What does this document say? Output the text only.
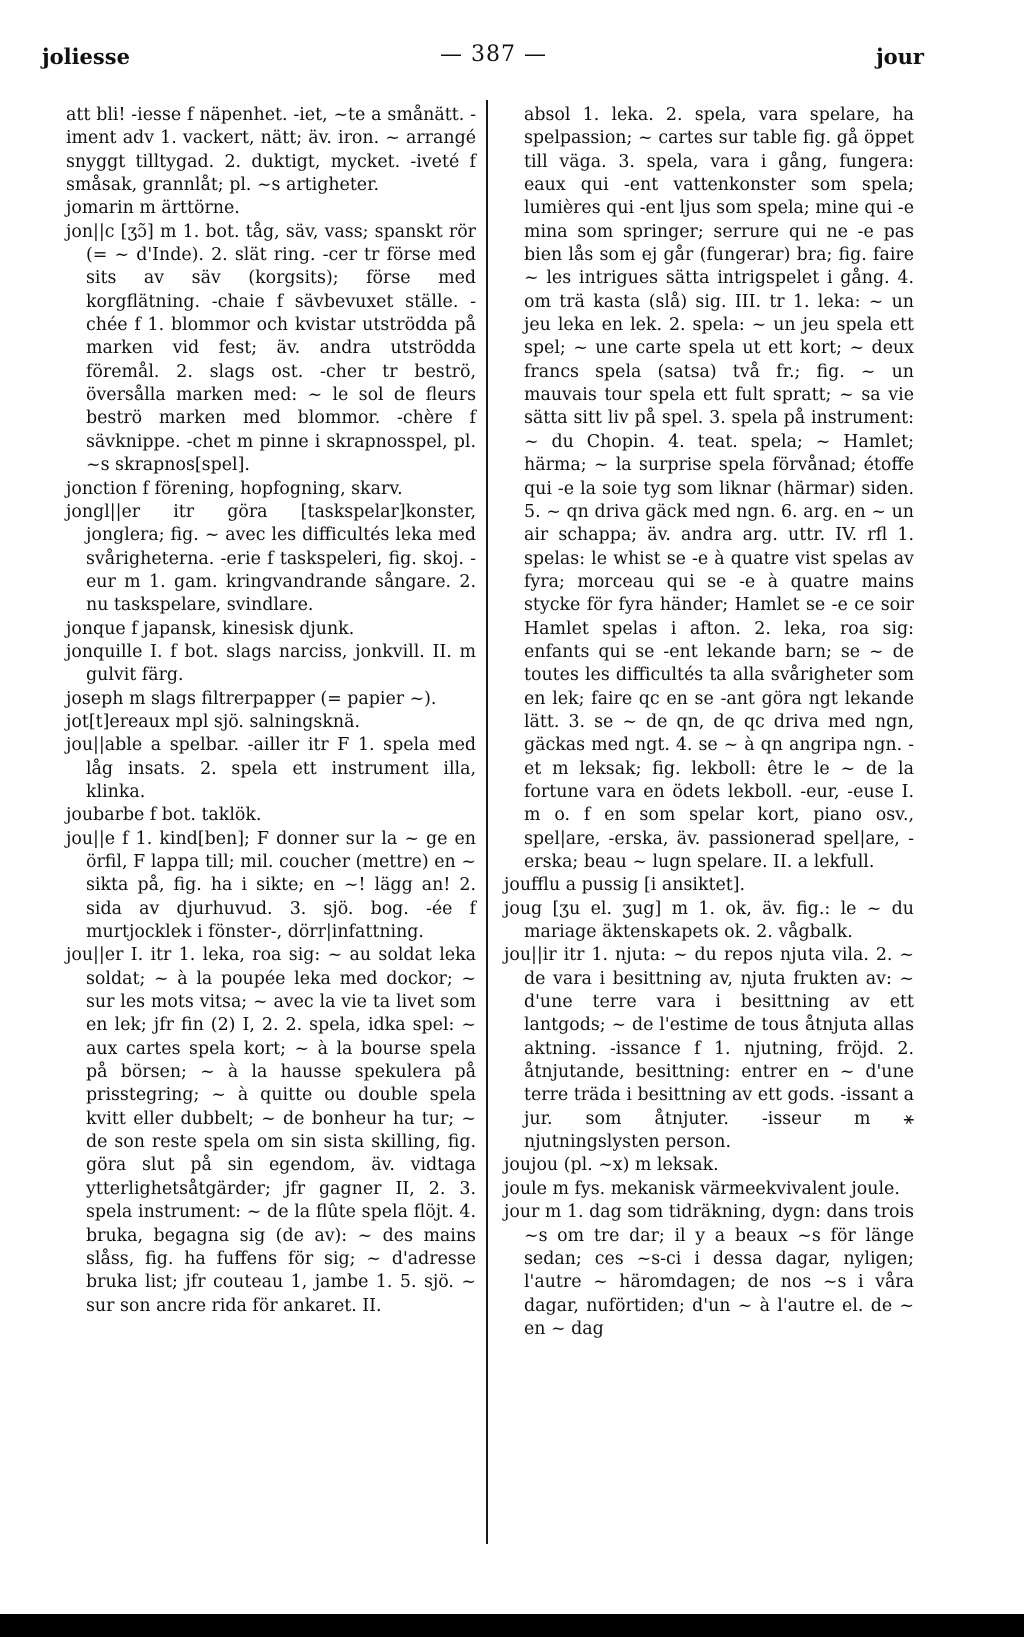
joliesse	— 387 —	jour

att bli! -iesse f näpenhet. -iet, ~te a smånätt. -iment adv 1. vackert, nätt; äv. iron. ~ arrangé snyggt tilltygad. 2. duktigt, mycket. -iveté f småsak, grannlåt; pl. ~s artigheter.

jomarin m ärttörne.

jon||c [ʒɔ̃] m 1. bot. tåg, säv, vass; spanskt rör (= ~ d'Inde). 2. slät ring. -cer tr förse med sits av säv (korgsits); förse med korgflätning. -chaie f sävbevuxet ställe. -chée f 1. blommor och kvistar utströdda på marken vid fest; äv. andra utströdda föremål. 2. slags ost. -cher tr beströ, översålla marken med: ~ le sol de fleurs beströ marken med blommor. -chère f sävknippe. -chet m pinne i skrapnosspel, pl. ~s skrapnos[spel].

jonction f förening, hopfogning, skarv.

jongl||er itr göra [taskspelar]konster, jonglera; fig. ~ avec les difficultés leka med svårigheterna. -erie f taskspeleri, fig. skoj. -eur m 1. gam. kringvandrande sångare. 2. nu taskspelare, svindlare.

jonque f japansk, kinesisk djunk.

jonquille I. f bot. slags narciss, jonkvill. II. m gulvit färg.

joseph m slags filtrerpapper (= papier ~).

jot[t]ereaux mpl sjö. salningsknä.

jou||able a spelbar. -ailler itr F 1. spela med låg insats. 2. spela ett instrument illa, klinka.

joubarbe f bot. taklök.

jou||e f 1. kind[ben]; F donner sur la ~ ge en örfil, F lappa till; mil. coucher (mettre) en ~ sikta på, fig. ha i sikte; en ~! lägg an! 2. sida av djurhuvud. 3. sjö. bog. -ée f murtjocklek i fönster-, dörr|infattning.

jou||er I. itr 1. leka, roa sig: ~ au soldat leka soldat; ~ à la poupée leka med dockor; ~ sur les mots vitsa; ~ avec la vie ta livet som en lek; jfr fin (2) I, 2. 2. spela, idka spel: ~ aux cartes spela kort; ~ à la bourse spela på börsen; ~ à la hausse spekulera på prisstegring; ~ à quitte ou double spela kvitt eller dubbelt; ~ de bonheur ha tur; ~ de son reste spela om sin sista skilling, fig. göra slut på sin egendom, äv. vidtaga ytterlighetsåtgärder; jfr gagner II, 2. 3. spela instrument: ~ de la flûte spela flöjt. 4. bruka, begagna sig (de av): ~ des mains slåss, fig. ha fuffens för sig; ~ d'adresse bruka list; jfr couteau 1, jambe 1. 5. sjö. ~ sur son ancre rida för ankaret. II.

absol 1. leka. 2. spela, vara spelare, ha spelpassion; ~ cartes sur table fig. gå öppet till väga. 3. spela, vara i gång, fungera: eaux qui -ent vattenkonster som spela; lumières qui -ent ljus som spela; mine qui -e mina som springer; serrure qui ne -e pas bien lås som ej går (fungerar) bra; fig. faire ~ les intrigues sätta intrigspelet i gång. 4. om trä kasta (slå) sig. III. tr 1. leka: ~ un jeu leka en lek. 2. spela: ~ un jeu spela ett spel; ~ une carte spela ut ett kort; ~ deux francs spela (satsa) två fr.; fig. ~ un mauvais tour spela ett fult spratt; ~ sa vie sätta sitt liv på spel. 3. spela på instrument: ~ du Chopin. 4. teat. spela; ~ Hamlet; härma; ~ la surprise spela förvånad; étoffe qui -e la soie tyg som liknar (härmar) siden. 5. ~ qn driva gäck med ngn. 6. arg. en ~ un air schappa; äv. andra arg. uttr. IV. rfl 1. spelas: le whist se -e à quatre vist spelas av fyra; morceau qui se -e à quatre mains stycke för fyra händer; Hamlet se -e ce soir Hamlet spelas i afton. 2. leka, roa sig: enfants qui se -ent lekande barn; se ~ de toutes les difficultés ta alla svårigheter som en lek; faire qc en se -ant göra ngt lekande lätt. 3. se ~ de qn, de qc driva med ngn, gäckas med ngt. 4. se ~ à qn angripa ngn. -et m leksak; fig. lekboll: être le ~ de la fortune vara en ödets lekboll. -eur, -euse I. m o. f en som spelar kort, piano osv., spel|are, -erska, äv. passionerad spel|are, -erska; beau ~ lugn spelare. II. a lekfull.

joufflu a pussig [i ansiktet].

joug [ʒu el. ʒug] m 1. ok, äv. fig.: le ~ du mariage äktenskapets ok. 2. vågbalk.

jou||ir itr 1. njuta: ~ du repos njuta vila. 2. ~ de vara i besittning av, njuta frukten av: ~ d'une terre vara i besittning av ett lantgods; ~ de l'estime de tous åtnjuta allas aktning. -issance f 1. njutning, fröjd. 2. åtnjutande, besittning: entrer en ~ d'une terre träda i besittning av ett gods. -issant a jur. som åtnjuter. -isseur m ⚹ njutningslysten person.

joujou (pl. ~x) m leksak.

joule m fys. mekanisk värmeekvivalent joule.

jour m 1. dag som tidräkning, dygn: dans trois ~s om tre dar; il y a beaux ~s för länge sedan; ces ~s-ci i dessa dagar, nyligen; l'autre ~ häromdagen; de nos ~s i våra dagar, nuförtiden; d'un ~ à l'autre el. de ~ en ~ dag
